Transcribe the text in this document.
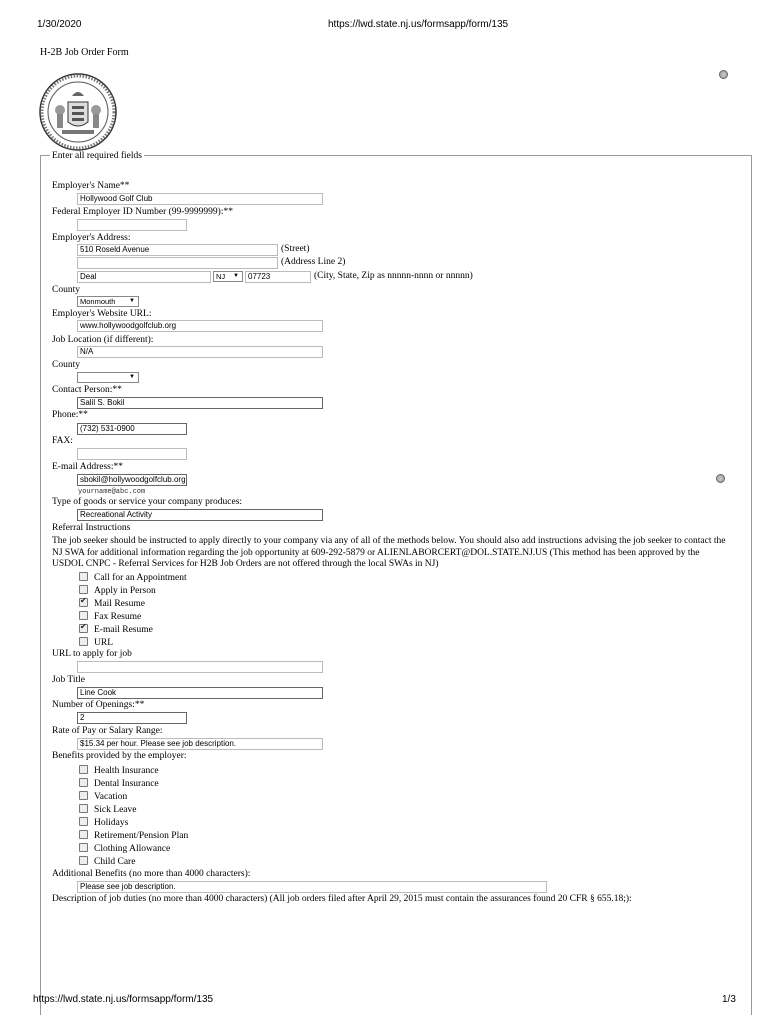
1/30/2020	https://lwd.state.nj.us/formsapp/form/135
H-2B Job Order Form
Enter all required fields
Employer's Name**
Hollywood Golf Club
Federal Employer ID Number (99-9999999):**
Employer's Address:
510 Roseld Avenue	(Street)
(Address Line 2)
Deal	NJ ▼	07723	(City, State, Zip as nnnnn-nnnn or nnnnn)
County
Monmouth ▼
Employer's Website URL:
www.hollywoodgolfclub.org
Job Location (if different):
N/A
County
▼
Contact Person:**
Salil S. Bokil
Phone:**
(732) 531-0900
FAX:
E-mail Address:**
sbokil@hollywoodgolfclub.org
yourname@abc.com
Type of goods or service your company produces:
Recreational Activity
Referral Instructions
The job seeker should be instructed to apply directly to your company via any of all of the methods below. You should also add instructions advising the job seeker to contact the NJ SWA for additional information regarding the job opportunity at 609-292-5879 or ALIENLABORCERT@DOL.STATE.NJ.US (This method has been approved by the USDOL CNPC - Referral Services for H2B Job Orders are not offered through the local SWAs in NJ)
Call for an Appointment
Apply in Person
✔Mail Resume
Fax Resume
✔E-mail Resume
URL
URL to apply for job
Job Title
Line Cook
Number of Openings:**
2
Rate of Pay or Salary Range:
$15.34 per hour. Please see job description.
Benefits provided by the employer:
Health Insurance
Dental Insurance
Vacation
Sick Leave
Holidays
Retirement/Pension Plan
Clothing Allowance
Child Care
Additional Benefits (no more than 4000 characters):
Please see job description.
Description of job duties (no more than 4000 characters) (All job orders filed after April 29, 2015 must contain the assurances found 20 CFR § 655.18;):
https://lwd.state.nj.us/formsapp/form/135	1/3
